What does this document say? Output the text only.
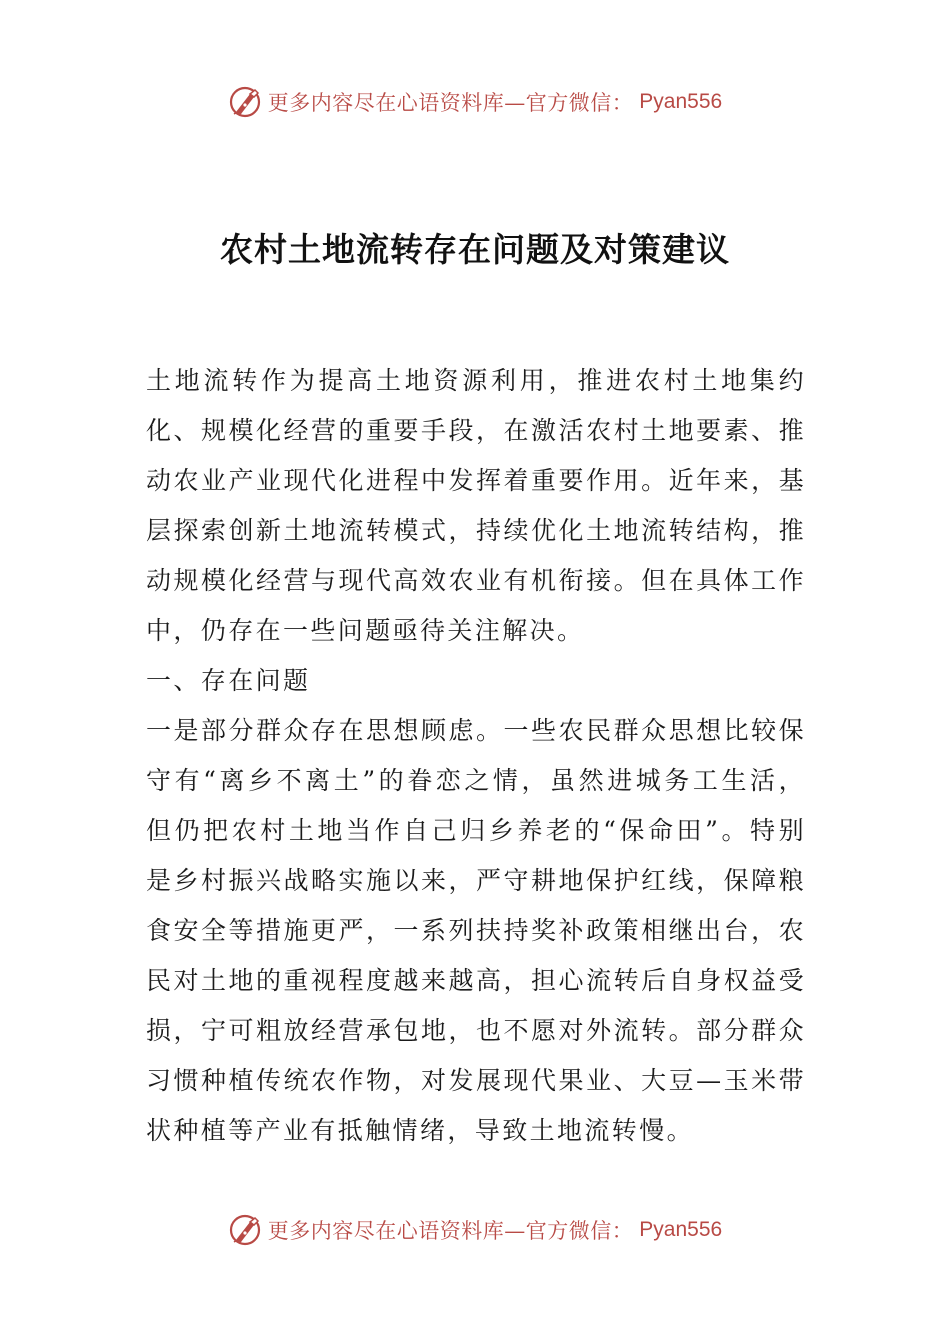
更多内容尽在心语资料库—官方微信： Pyan556
农村土地流转存在问题及对策建议

土地流转作为提高土地资源利用，推进农村土地集约化、规模化经营的重要手段，在激活农村土地要素、推动农业产业现代化进程中发挥着重要作用。近年来，基层探索创新土地流转模式，持续优化土地流转结构，推动规模化经营与现代高效农业有机衔接。但在具体工作中，仍存在一些问题亟待关注解决。

一、存在问题

一是部分群众存在思想顾虑。一些农民群众思想比较保守有“离乡不离土”的眷恋之情，虽然进城务工生活，但仍把农村土地当作自己归乡养老的“保命田”。特别是乡村振兴战略实施以来，严守耕地保护红线，保障粮食安全等措施更严，一系列扶持奖补政策相继出台，农民对土地的重视程度越来越高，担心流转后自身权益受损，宁可粗放经营承包地，也不愿对外流转。部分群众习惯种植传统农作物，对发展现代果业、大豆—玉米带状种植等产业有抵触情绪，导致土地流转慢。

更多内容尽在心语资料库—官方微信： Pyan556
